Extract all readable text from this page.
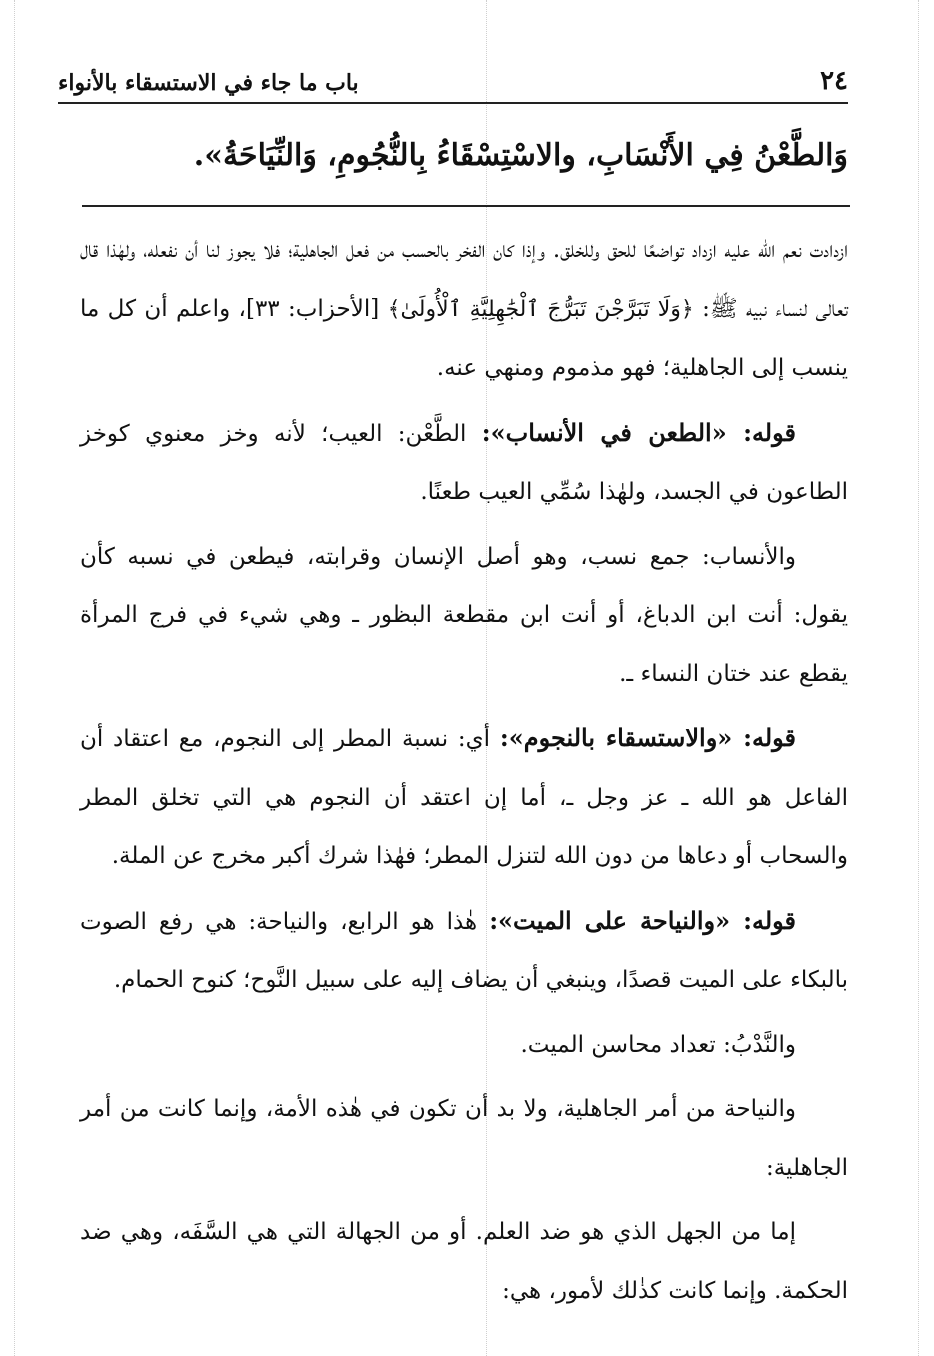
٢٤
باب ما جاء في الاستسقاء بالأنواء
وَالطَّعْنُ فِي الأَنْسَابِ، والاسْتِسْقَاءُ بِالنُّجُومِ، وَالنِّيَاحَةُ».

ازدادت نعم الله عليه ازداد تواضعًا للحق وللخلق. وإذا كان الفخر بالحسب من فعل الجاهلية؛ فلا يجوز لنا أن نفعله، ولهٰذا قال تعالى لنساء نبيه ﷺ: ﴿وَلَا تَبَرَّجْنَ تَبَرُّجَ ٱلْجَٰهِلِيَّةِ ٱلْأُولَىٰ﴾ [الأحزاب: ٣٣]، واعلم أن كل ما ينسب إلى الجاهلية؛ فهو مذموم ومنهي عنه.

قوله: «الطعن في الأنساب»: الطَّعْن: العيب؛ لأنه وخز معنوي كوخز الطاعون في الجسد، ولهٰذا سُمِّي العيب طعنًا.

والأنساب: جمع نسب، وهو أصل الإنسان وقرابته، فيطعن في نسبه كأن يقول: أنت ابن الدباغ، أو أنت ابن مقطعة البظور ـ وهي شيء في فرج المرأة يقطع عند ختان النساء ـ.

قوله: «والاستسقاء بالنجوم»: أي: نسبة المطر إلى النجوم، مع اعتقاد أن الفاعل هو الله ـ عز وجل ـ، أما إن اعتقد أن النجوم هي التي تخلق المطر والسحاب أو دعاها من دون الله لتنزل المطر؛ فهٰذا شرك أكبر مخرج عن الملة.

قوله: «والنياحة على الميت»: هٰذا هو الرابع، والنياحة: هي رفع الصوت بالبكاء على الميت قصدًا، وينبغي أن يضاف إليه على سبيل النَّوح؛ كنوح الحمام.

والنَّدْبُ: تعداد محاسن الميت.

والنياحة من أمر الجاهلية، ولا بد أن تكون في هٰذه الأمة، وإنما كانت من أمر الجاهلية:

إما من الجهل الذي هو ضد العلم. أو من الجهالة التي هي السَّفَه، وهي ضد الحكمة. وإنما كانت كذٰلك لأمور، هي:
